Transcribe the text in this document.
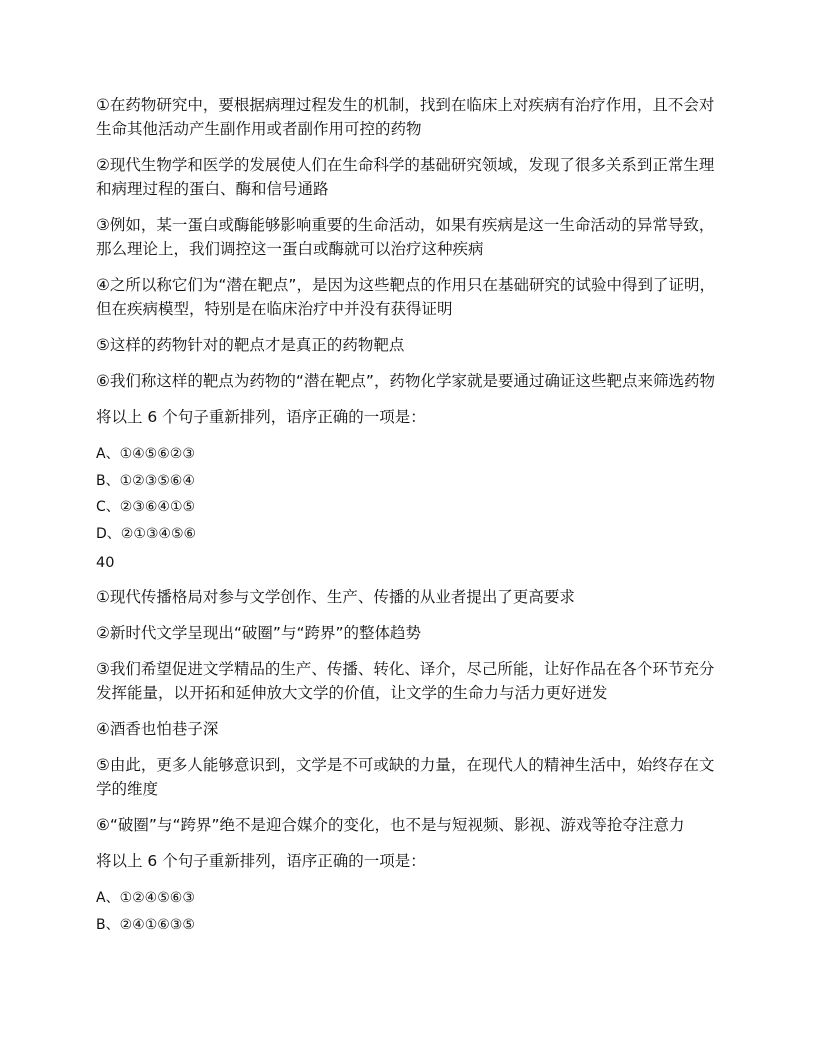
①在药物研究中，要根据病理过程发生的机制，找到在临床上对疾病有治疗作用，且不会对生命其他活动产生副作用或者副作用可控的药物

②现代生物学和医学的发展使人们在生命科学的基础研究领域，发现了很多关系到正常生理和病理过程的蛋白、酶和信号通路

③例如，某一蛋白或酶能够影响重要的生命活动，如果有疾病是这一生命活动的异常导致，那么理论上，我们调控这一蛋白或酶就可以治疗这种疾病

④之所以称它们为“潜在靶点”，是因为这些靶点的作用只在基础研究的试验中得到了证明，但在疾病模型，特别是在临床治疗中并没有获得证明

⑤这样的药物针对的靶点才是真正的药物靶点

⑥我们称这样的靶点为药物的“潜在靶点”，药物化学家就是要通过确证这些靶点来筛选药物

将以上 6 个句子重新排列，语序正确的一项是：

A、①④⑤⑥②③

B、①②③⑤⑥④

C、②③⑥④①⑤

D、②①③④⑤⑥

40

①现代传播格局对参与文学创作、生产、传播的从业者提出了更高要求

②新时代文学呈现出“破圈”与“跨界”的整体趋势

③我们希望促进文学精品的生产、传播、转化、译介，尽己所能，让好作品在各个环节充分发挥能量，以开拓和延伸放大文学的价值，让文学的生命力与活力更好迸发

④酒香也怕巷子深

⑤由此，更多人能够意识到，文学是不可或缺的力量，在现代人的精神生活中，始终存在文学的维度

⑥“破圈”与“跨界”绝不是迎合媒介的变化，也不是与短视频、影视、游戏等抢夺注意力

将以上 6 个句子重新排列，语序正确的一项是：

A、①②④⑤⑥③

B、②④①⑥③⑤
